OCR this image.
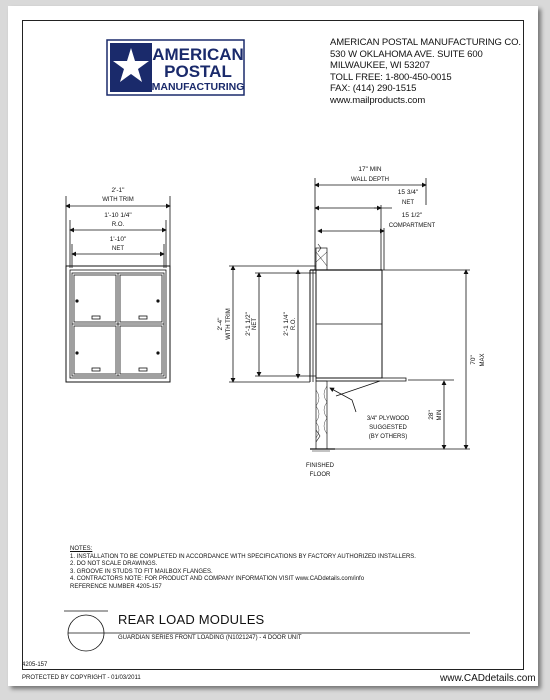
AMERICAN
POSTAL
MANUFACTURING
2'-1"
WITH TRIM
1'-10 1/4"
R.O.
1'-10"
NET
17" MIN
WALL DEPTH
15 3/4"
NET
15 1/2"
COMPARTMENT
2'-4" WITH TRIM 2'-1 1/2" NET	2'-1 1/4" R.O.
70" MAX
28" MIN
3/4" PLYWOOD
SUGGESTED
(BY OTHERS)
FINISHED
FLOOR
AMERICAN POSTAL MANUFACTURING CO.
530 W OKLAHOMA AVE. SUITE 600
MILWAUKEE, WI 53207
TOLL FREE: 1-800-450-0015
FAX: (414) 290-1515
www.mailproducts.com
NOTES:
1. INSTALLATION TO BE COMPLETED IN ACCORDANCE WITH SPECIFICATIONS BY FACTORY AUTHORIZED INSTALLERS.
2. DO NOT SCALE DRAWINGS.
3. GROOVE IN STUDS TO FIT MAILBOX FLANGES.
4. CONTRACTORS NOTE: FOR PRODUCT AND COMPANY INFORMATION VISIT www.CADdetails.com/info
REFERENCE NUMBER 4205-157
REAR LOAD MODULES
GUARDIAN SERIES FRONT LOADING (N1021247) - 4 DOOR UNIT
4205-157
PROTECTED BY COPYRIGHT - 01/03/2011	www.CADdetails.com
